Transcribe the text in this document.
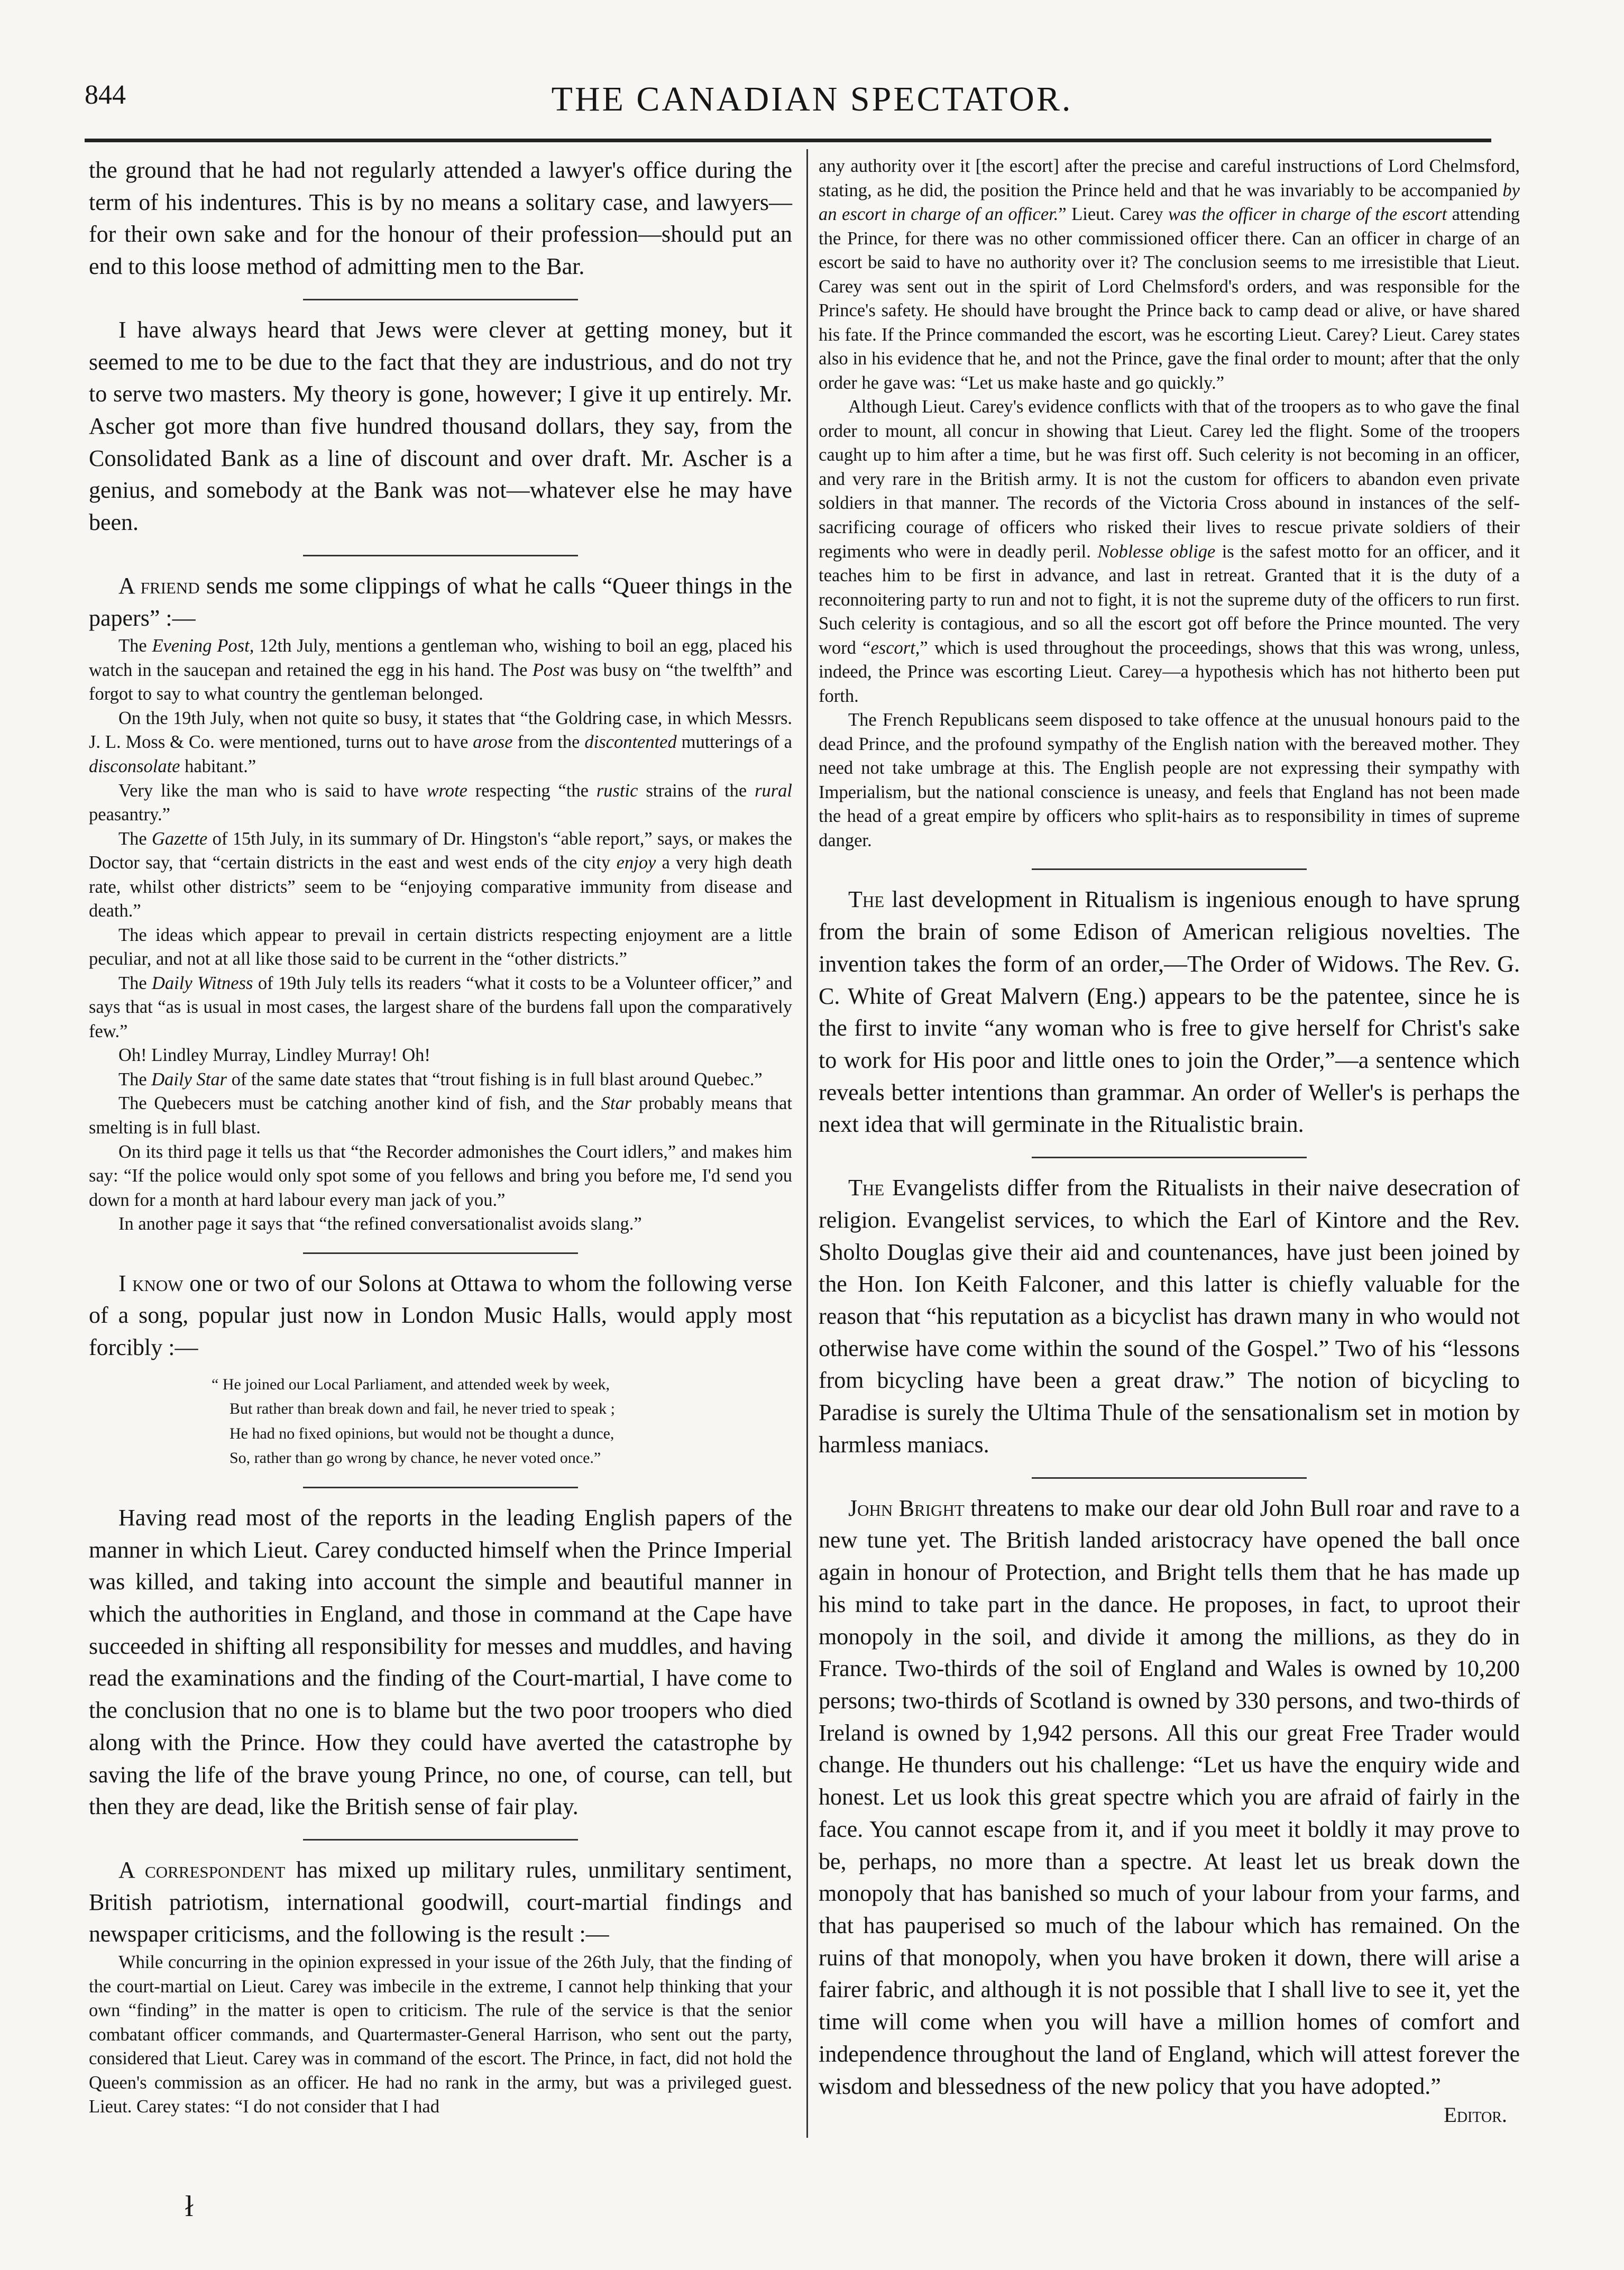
844	THE CANADIAN SPECTATOR.

the ground that he had not regularly attended a lawyer's office during the term of his indentures. This is by no means a solitary case, and lawyers—for their own sake and for the honour of their profession—should put an end to this loose method of admitting men to the Bar.

I have always heard that Jews were clever at getting money, but it seemed to me to be due to the fact that they are industrious, and do not try to serve two masters. My theory is gone, however; I give it up entirely. Mr. Ascher got more than five hundred thousand dollars, they say, from the Consolidated Bank as a line of discount and over draft. Mr. Ascher is a genius, and somebody at the Bank was not—whatever else he may have been.

A friend sends me some clippings of what he calls “Queer things in the papers” :—

The Evening Post, 12th July, mentions a gentleman who, wishing to boil an egg, placed his watch in the saucepan and retained the egg in his hand. The Post was busy on “the twelfth” and forgot to say to what country the gentleman belonged.

On the 19th July, when not quite so busy, it states that “the Goldring case, in which Messrs. J. L. Moss & Co. were mentioned, turns out to have arose from the discontented mutterings of a disconsolate habitant.”

Very like the man who is said to have wrote respecting “the rustic strains of the rural peasantry.”

The Gazette of 15th July, in its summary of Dr. Hingston's “able report,” says, or makes the Doctor say, that “certain districts in the east and west ends of the city enjoy a very high death rate, whilst other districts” seem to be “enjoying comparative immunity from disease and death.”

The ideas which appear to prevail in certain districts respecting enjoyment are a little peculiar, and not at all like those said to be current in the “other districts.”

The Daily Witness of 19th July tells its readers “what it costs to be a Volunteer officer,” and says that “as is usual in most cases, the largest share of the burdens fall upon the comparatively few.”

Oh! Lindley Murray, Lindley Murray! Oh!

The Daily Star of the same date states that “trout fishing is in full blast around Quebec.”

The Quebecers must be catching another kind of fish, and the Star probably means that smelting is in full blast.

On its third page it tells us that “the Recorder admonishes the Court idlers,” and makes him say: “If the police would only spot some of you fellows and bring you before me, I'd send you down for a month at hard labour every man jack of you.”

In another page it says that “the refined conversationalist avoids slang.”

I know one or two of our Solons at Ottawa to whom the following verse of a song, popular just now in London Music Halls, would apply most forcibly :—

“ He joined our Local Parliament, and attended week by week,
But rather than break down and fail, he never tried to speak ;
He had no fixed opinions, but would not be thought a dunce,
So, rather than go wrong by chance, he never voted once.”

Having read most of the reports in the leading English papers of the manner in which Lieut. Carey conducted himself when the Prince Imperial was killed, and taking into account the simple and beautiful manner in which the authorities in England, and those in command at the Cape have succeeded in shifting all responsibility for messes and muddles, and having read the examinations and the finding of the Court-martial, I have come to the conclusion that no one is to blame but the two poor troopers who died along with the Prince. How they could have averted the catastrophe by saving the life of the brave young Prince, no one, of course, can tell, but then they are dead, like the British sense of fair play.

A correspondent has mixed up military rules, unmilitary sentiment, British patriotism, international goodwill, court-martial findings and newspaper criticisms, and the following is the result :—

While concurring in the opinion expressed in your issue of the 26th July, that the finding of the court-martial on Lieut. Carey was imbecile in the extreme, I cannot help thinking that your own “finding” in the matter is open to criticism. The rule of the service is that the senior combatant officer commands, and Quartermaster-General Harrison, who sent out the party, considered that Lieut. Carey was in command of the escort. The Prince, in fact, did not hold the Queen's commission as an officer. He had no rank in the army, but was a privileged guest. Lieut. Carey states: “I do not consider that I had

any authority over it [the escort] after the precise and careful instructions of Lord Chelmsford, stating, as he did, the position the Prince held and that he was invariably to be accompanied by an escort in charge of an officer.” Lieut. Carey was the officer in charge of the escort attending the Prince, for there was no other commissioned officer there. Can an officer in charge of an escort be said to have no authority over it? The conclusion seems to me irresistible that Lieut. Carey was sent out in the spirit of Lord Chelmsford's orders, and was responsible for the Prince's safety. He should have brought the Prince back to camp dead or alive, or have shared his fate. If the Prince commanded the escort, was he escorting Lieut. Carey? Lieut. Carey states also in his evidence that he, and not the Prince, gave the final order to mount; after that the only order he gave was: “Let us make haste and go quickly.”

Although Lieut. Carey's evidence conflicts with that of the troopers as to who gave the final order to mount, all concur in showing that Lieut. Carey led the flight. Some of the troopers caught up to him after a time, but he was first off. Such celerity is not becoming in an officer, and very rare in the British army. It is not the custom for officers to abandon even private soldiers in that manner. The records of the Victoria Cross abound in instances of the self-sacrificing courage of officers who risked their lives to rescue private soldiers of their regiments who were in deadly peril. Noblesse oblige is the safest motto for an officer, and it teaches him to be first in advance, and last in retreat. Granted that it is the duty of a reconnoitering party to run and not to fight, it is not the supreme duty of the officers to run first. Such celerity is contagious, and so all the escort got off before the Prince mounted. The very word “escort,” which is used throughout the proceedings, shows that this was wrong, unless, indeed, the Prince was escorting Lieut. Carey—a hypothesis which has not hitherto been put forth.

The French Republicans seem disposed to take offence at the unusual honours paid to the dead Prince, and the profound sympathy of the English nation with the bereaved mother. They need not take umbrage at this. The English people are not expressing their sympathy with Imperialism, but the national conscience is uneasy, and feels that England has not been made the head of a great empire by officers who split-hairs as to responsibility in times of supreme danger.

The last development in Ritualism is ingenious enough to have sprung from the brain of some Edison of American religious novelties. The invention takes the form of an order,—The Order of Widows. The Rev. G. C. White of Great Malvern (Eng.) appears to be the patentee, since he is the first to invite “any woman who is free to give herself for Christ's sake to work for His poor and little ones to join the Order,”—a sentence which reveals better intentions than grammar. An order of Weller's is perhaps the next idea that will germinate in the Ritualistic brain.

The Evangelists differ from the Ritualists in their naive desecration of religion. Evangelist services, to which the Earl of Kintore and the Rev. Sholto Douglas give their aid and countenances, have just been joined by the Hon. Ion Keith Falconer, and this latter is chiefly valuable for the reason that “his reputation as a bicyclist has drawn many in who would not otherwise have come within the sound of the Gospel.” Two of his “lessons from bicycling have been a great draw.” The notion of bicycling to Paradise is surely the Ultima Thule of the sensationalism set in motion by harmless maniacs.

John Bright threatens to make our dear old John Bull roar and rave to a new tune yet. The British landed aristocracy have opened the ball once again in honour of Protection, and Bright tells them that he has made up his mind to take part in the dance. He proposes, in fact, to uproot their monopoly in the soil, and divide it among the millions, as they do in France. Two-thirds of the soil of England and Wales is owned by 10,200 persons; two-thirds of Scotland is owned by 330 persons, and two-thirds of Ireland is owned by 1,942 persons. All this our great Free Trader would change. He thunders out his challenge: “Let us have the enquiry wide and honest. Let us look this great spectre which you are afraid of fairly in the face. You cannot escape from it, and if you meet it boldly it may prove to be, perhaps, no more than a spectre. At least let us break down the monopoly that has banished so much of your labour from your farms, and that has pauperised so much of the labour which has remained. On the ruins of that monopoly, when you have broken it down, there will arise a fairer fabric, and although it is not possible that I shall live to see it, yet the time will come when you will have a million homes of comfort and independence throughout the land of England, which will attest forever the wisdom and blessedness of the new policy that you have adopted.”

Editor.
ł
